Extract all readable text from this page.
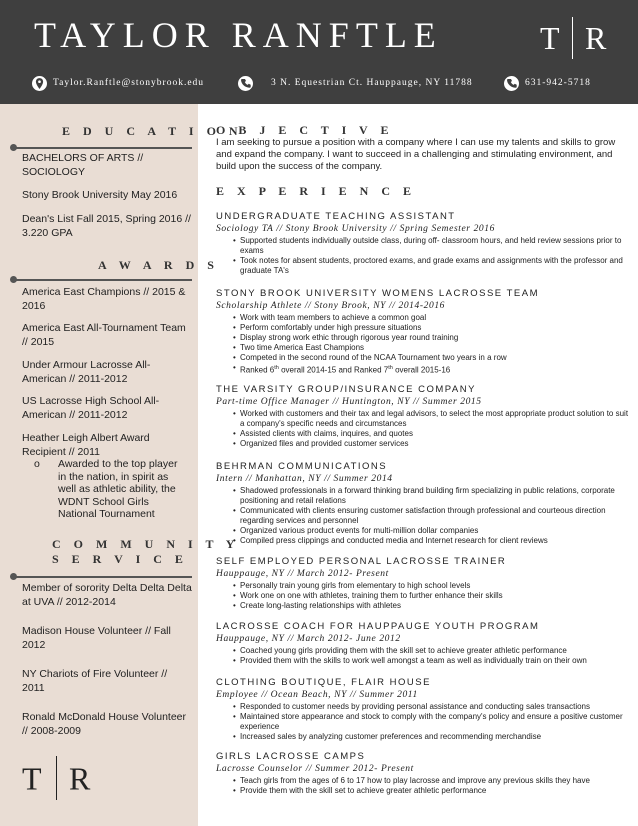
TAYLOR RANFTLE	T R
Taylor.Ranftle@stonybrook.edu	3 N. Equestrian Ct. Hauppauge, NY 11788	631-942-5718
E D U C A T I O N
BACHELORS OF ARTS // SOCIOLOGY
Stony Brook University May 2016
Dean's List Fall 2015, Spring 2016 // 3.220 GPA
A W A R D S
America East Champions // 2015 & 2016
America East All-Tournament Team // 2015
Under Armour Lacrosse All-American // 2011-2012
US Lacrosse High School All-American // 2011-2012
Heather Leigh Albert Award Recipient // 2011
o Awarded to the top player in the nation, in spirit as well as athletic ability, the WDNT School Girls National Tournament
C O M M U N I T Y
S E R V I C E
Member of sorority Delta Delta Delta at UVA // 2012-2014
Madison House Volunteer // Fall 2012
NY Chariots of Fire Volunteer // 2011
Ronald McDonald House Volunteer // 2008-2009
T R
O B J E C T I V E
I am seeking to pursue a position with a company where I can use my talents and skills to grow and expand the company. I want to succeed in a challenging and stimulating environment, and build upon the success of the company.
E X P E R I E N C E
UNDERGRADUATE TEACHING ASSISTANT
Sociology TA // Stony Brook University // Spring Semester 2016
• Supported students individually outside class, during off- classroom hours, and held review sessions prior to exams
• Took notes for absent students, proctored exams, and grade exams and assignments with the professor and graduate TA's
STONY BROOK UNIVERSITY WOMENS LACROSSE TEAM
Scholarship Athlete // Stony Brook, NY // 2014-2016
• Work with team members to achieve a common goal
• Perform comfortably under high pressure situations
• Display strong work ethic through rigorous year round training
• Two time America East Champions
• Competed in the second round of the NCAA Tournament two years in a row
• Ranked 6th overall 2014-15 and Ranked 7th overall 2015-16
THE VARSITY GROUP/INSURANCE COMPANY
Part-time Office Manager // Huntington, NY // Summer 2015
• Worked with customers and their tax and legal advisors, to select the most appropriate product solution to suit a company's specific needs and circumstances
• Assisted clients with claims, inquires, and quotes
• Organized files and provided customer services
BEHRMAN COMMUNICATIONS
Intern // Manhattan, NY // Summer 2014
• Shadowed professionals in a forward thinking brand building firm specializing in public relations, corporate positioning and retail relations
• Communicated with clients ensuring customer satisfaction through professional and courteous direction regarding services and personnel
• Organized various product events for multi-million dollar companies
• Compiled press clippings and conducted media and Internet research for client reviews
SELF EMPLOYED PERSONAL LACROSSE TRAINER
Hauppauge, NY // March 2012- Present
• Personally train young girls from elementary to high school levels
• Work one on one with athletes, training them to further enhance their skills
• Create long-lasting relationships with athletes
LACROSSE COACH FOR HAUPPAUGE YOUTH PROGRAM
Hauppauge, NY // March 2012- June 2012
• Coached young girls providing them with the skill set to achieve greater athletic performance
• Provided them with the skills to work well amongst a team as well as individually train on their own
CLOTHING BOUTIQUE, FLAIR HOUSE
Employee // Ocean Beach, NY // Summer 2011
• Responded to customer needs by providing personal assistance and conducting sales transactions
• Maintained store appearance and stock to comply with the company's policy and ensure a positive customer experience
• Increased sales by analyzing customer preferences and recommending merchandise
GIRLS LACROSSE CAMPS
Lacrosse Counselor // Summer 2012- Present
• Teach girls from the ages of 6 to 17 how to play lacrosse and improve any previous skills they have
• Provide them with the skill set to achieve greater athletic performance
